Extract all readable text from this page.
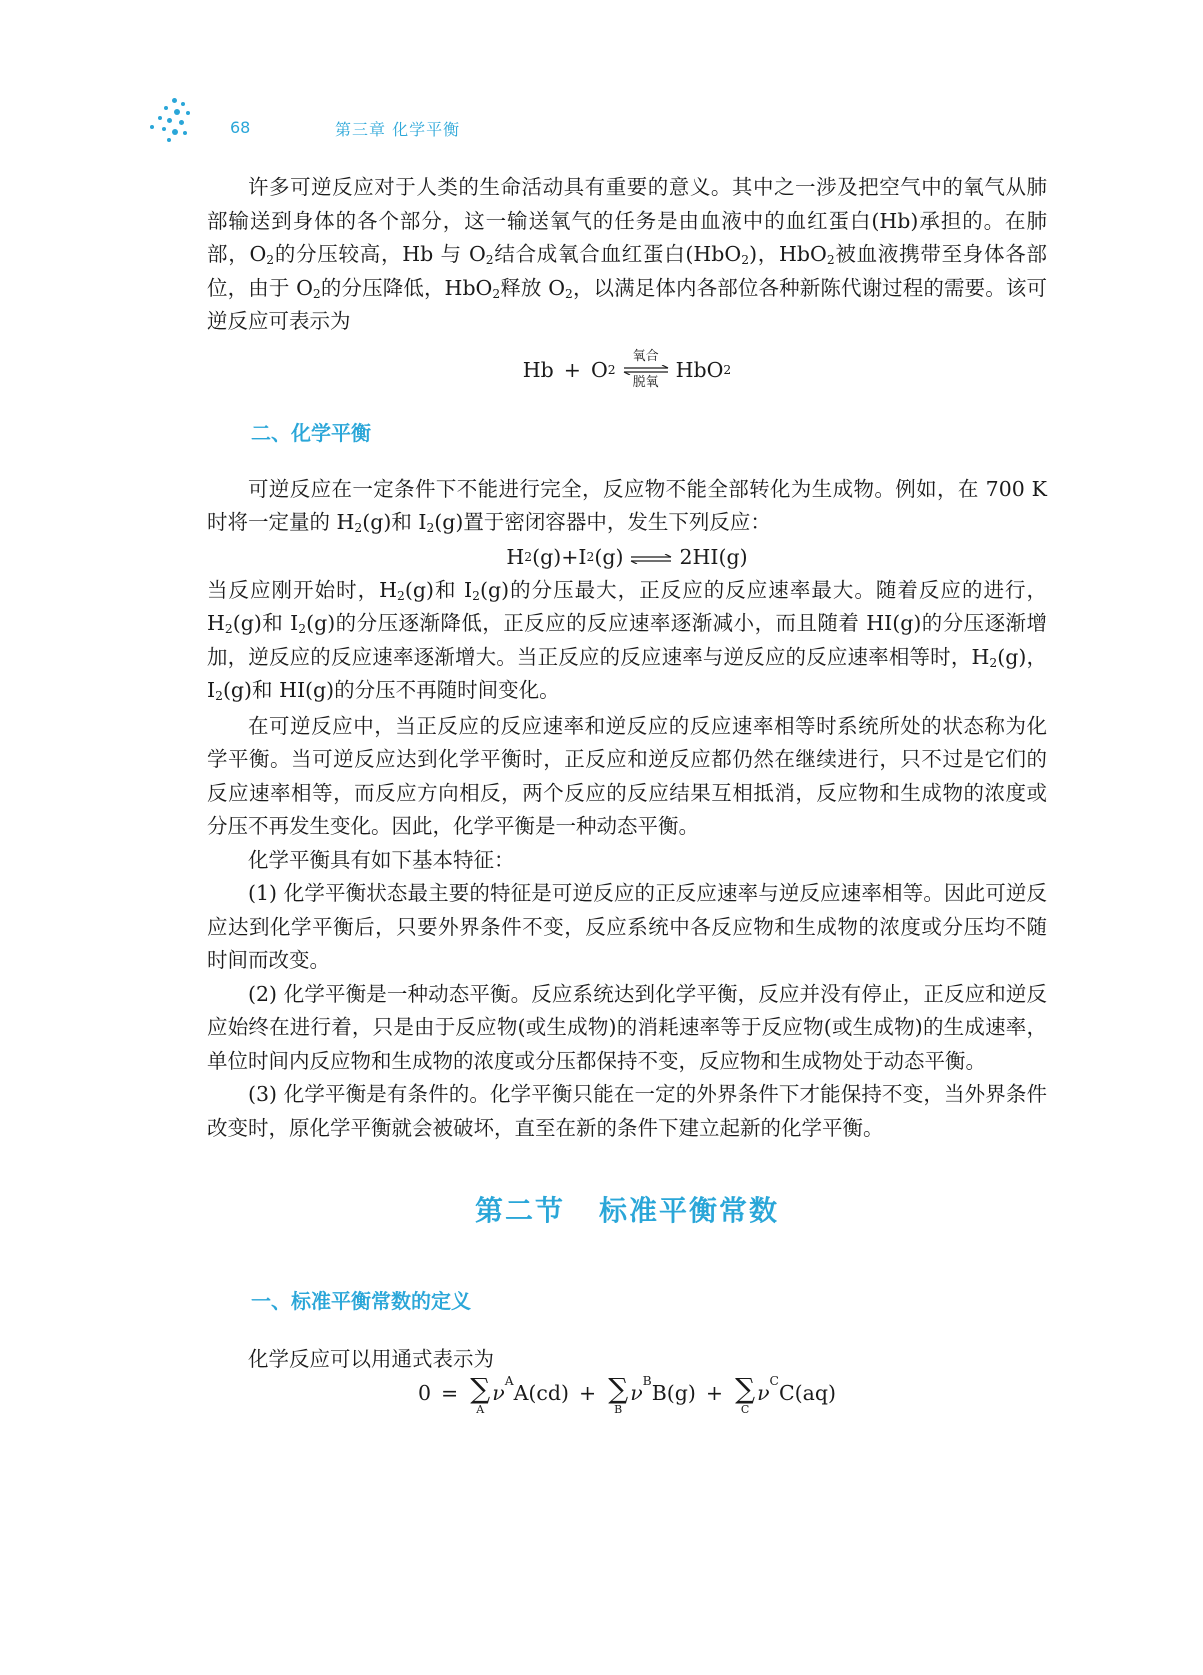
68	第三章 化学平衡

许多可逆反应对于人类的生命活动具有重要的意义。其中之一涉及把空气中的氧气从肺部输送到身体的各个部分，这一输送氧气的任务是由血液中的血红蛋白(Hb)承担的。在肺部，$O_2$的分压较高，Hb 与 $O_2$结合成氧合血红蛋白(HbO$_2$)，HbO$_2$被血液携带至身体各部位，由于 $O_2$的分压降低，HbO$_2$释放 $O_2$，以满足体内各部位各种新陈代谢过程的需要。该可逆反应可表示为

Hb + O 2
氧合
脱氧
HbO 2
二、化学平衡

可逆反应在一定条件下不能进行完全，反应物不能全部转化为生成物。例如，在 700 K 时将一定量的 $H_2(g)$和 $I_2(g)$置于密闭容器中，发生下列反应：

H 2 (g)+I 2 (g) ⇌ 2HI(g)

当反应刚开始时，$H_2(g)$和 $I_2(g)$的分压最大，正反应的反应速率最大。随着反应的进行，$H_2(g)$和 $I_2(g)$的分压逐渐降低，正反应的反应速率逐渐减小，而且随着 HI(g)的分压逐渐增加，逆反应的反应速率逐渐增大。当正反应的反应速率与逆反应的反应速率相等时，$H_2(g)$，$I_2(g)$和 HI(g)的分压不再随时间变化。

在可逆反应中，当正反应的反应速率和逆反应的反应速率相等时系统所处的状态称为化学平衡。当可逆反应达到化学平衡时，正反应和逆反应都仍然在继续进行，只不过是它们的反应速率相等，而反应方向相反，两个反应的反应结果互相抵消，反应物和生成物的浓度或分压不再发生变化。因此，化学平衡是一种动态平衡。

化学平衡具有如下基本特征：

(1) 化学平衡状态最主要的特征是可逆反应的正反应速率与逆反应速率相等。因此可逆反应达到化学平衡后，只要外界条件不变，反应系统中各反应物和生成物的浓度或分压均不随时间而改变。

(2) 化学平衡是一种动态平衡。反应系统达到化学平衡，反应并没有停止，正反应和逆反应始终在进行着，只是由于反应物(或生成物)的消耗速率等于反应物(或生成物)的生成速率，单位时间内反应物和生成物的浓度或分压都保持不变，反应物和生成物处于动态平衡。

(3) 化学平衡是有条件的。化学平衡只能在一定的外界条件下才能保持不变，当外界条件改变时，原化学平衡就会被破坏，直至在新的条件下建立起新的化学平衡。

第二节 标准平衡常数
一、标准平衡常数的定义

化学反应可以用通式表示为

0 = ∑
A
ν A A(cd) + ∑
B
ν B B(g) + ∑
C
ν C C(aq)
